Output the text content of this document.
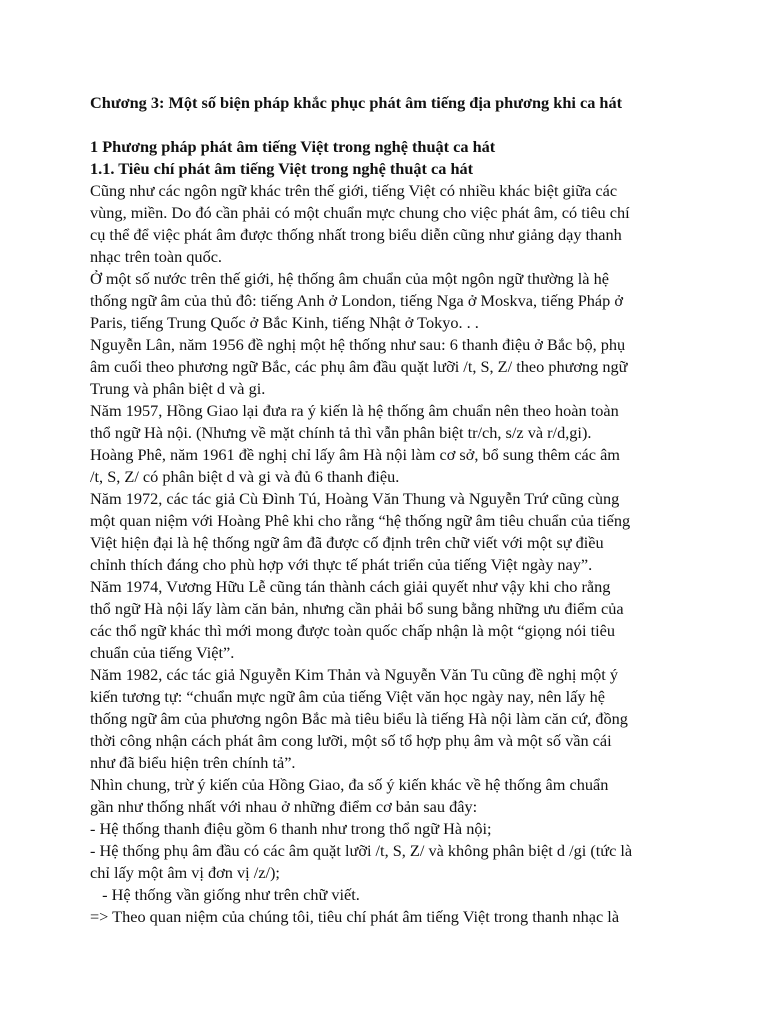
Chương 3: Một số biện pháp khắc phục phát âm tiếng địa phương khi ca hát
1 Phương pháp phát âm tiếng Việt trong nghệ thuật ca hát
1.1. Tiêu chí phát âm tiếng Việt trong nghệ thuật ca hát
Cũng như các ngôn ngữ khác trên thế giới, tiếng Việt có nhiều khác biệt giữa các
vùng, miền. Do đó cần phải có một chuẩn mực chung cho việc phát âm, có tiêu chí
cụ thể để việc phát âm được thống nhất trong biểu diễn cũng như giảng dạy thanh
nhạc trên toàn quốc.
Ở một số nước trên thế giới, hệ thống âm chuẩn của một ngôn ngữ thường là hệ
thống ngữ âm của thủ đô: tiếng Anh ở London, tiếng Nga ở Moskva, tiếng Pháp ở
Paris, tiếng Trung Quốc ở Bắc Kinh, tiếng Nhật ở Tokyo. . .
Nguyễn Lân, năm 1956 đề nghị một hệ thống như sau: 6 thanh điệu ở Bắc bộ, phụ
âm cuối theo phương ngữ Bắc, các phụ âm đầu quặt lưỡi /t, S, Z/ theo phương ngữ
Trung và phân biệt d và gi.
Năm 1957, Hồng Giao lại đưa ra ý kiến là hệ thống âm chuẩn nên theo hoàn toàn
thổ ngữ Hà nội. (Nhưng về mặt chính tả thì vẫn phân biệt tr/ch, s/z và r/d,gi).
Hoàng Phê, năm 1961 đề nghị chỉ lấy âm Hà nội làm cơ sở, bổ sung thêm các âm
/t, S, Z/ có phân biệt d và gi và đủ 6 thanh điệu.
Năm 1972, các tác giả Cù Đình Tú, Hoàng Văn Thung và Nguyễn Trứ cũng cùng
một quan niệm với Hoàng Phê khi cho rằng “hệ thống ngữ âm tiêu chuẩn của tiếng
Việt hiện đại là hệ thống ngữ âm đã được cố định trên chữ viết với một sự điều
chỉnh thích đáng cho phù hợp với thực tế phát triển của tiếng Việt ngày nay”.
Năm 1974, Vương Hữu Lễ cũng tán thành cách giải quyết như vậy khi cho rằng
thổ ngữ Hà nội lấy làm căn bản, nhưng cần phải bổ sung bằng những ưu điểm của
các thổ ngữ khác thì mới mong được toàn quốc chấp nhận là một “giọng nói tiêu
chuẩn của tiếng Việt”.
Năm 1982, các tác giả Nguyễn Kim Thản và Nguyễn Văn Tu cũng đề nghị một ý
kiến tương tự: “chuẩn mực ngữ âm của tiếng Việt văn học ngày nay, nên lấy hệ
thống ngữ âm của phương ngôn Bắc mà tiêu biểu là tiếng Hà nội làm căn cứ, đồng
thời công nhận cách phát âm cong lưỡi, một số tổ hợp phụ âm và một số vần cái
như đã biểu hiện trên chính tả”.
Nhìn chung, trừ ý kiến của Hồng Giao, đa số ý kiến khác về hệ thống âm chuẩn
gần như thống nhất với nhau ở những điểm cơ bản sau đây:
- Hệ thống thanh điệu gồm 6 thanh như trong thổ ngữ Hà nội;
- Hệ thống phụ âm đầu có các âm quặt lưỡi /t, S, Z/ và không phân biệt d /gi (tức là
chỉ lấy một âm vị đơn vị /z/);
- Hệ thống vần giống như trên chữ viết.
=> Theo quan niệm của chúng tôi, tiêu chí phát âm tiếng Việt trong thanh nhạc là
